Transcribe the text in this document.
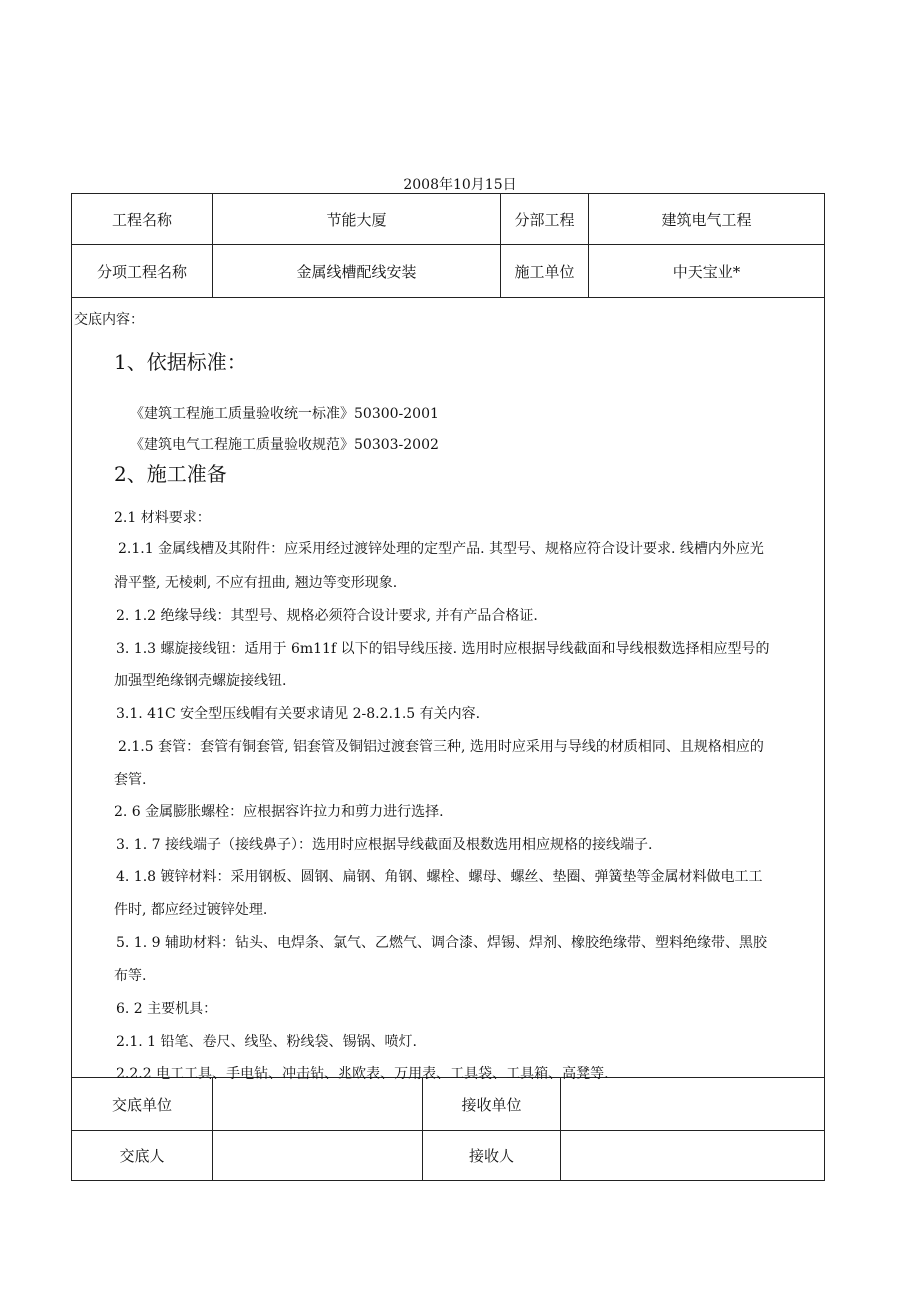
2008年10月15日
工程名称	节能大厦	分部工程	建筑电气工程
分项工程名称	金属线槽配线安装	施工单位	中天宝业*

交底内容：

1、依据标准：

《建筑工程施工质量验收统一标准》50300-2001

《建筑电气工程施工质量验收规范》50303-2002

2、施工准备

2.1 材料要求：

2.1.1 金属线槽及其附件：应采用经过渡锌处理的定型产品. 其型号、规格应符合设计要求. 线槽内外应光

滑平整, 无棱刺, 不应有扭曲, 翘边等变形现象.

2. 1.2 绝缘导线：其型号、规格必须符合设计要求, 并有产品合格证.

3. 1.3 螺旋接线钮：适用于 6m11f 以下的铝导线压接. 选用时应根据导线截面和导线根数选择相应型号的

加强型绝缘钢壳螺旋接线钮.

3.1. 41C 安全型压线帽有关要求请见 2-8.2.1.5 有关内容.

2.1.5 套管：套管有铜套管, 铝套管及铜铝过渡套管三种, 选用时应采用与导线的材质相同、且规格相应的

套管.

2. 6 金属膨胀螺栓：应根据容许拉力和剪力进行选择.

3. 1. 7 接线端子（接线鼻子）：选用时应根据导线截面及根数选用相应规格的接线端子.

4. 1.8 镀锌材料：采用钢板、圆钢、扁钢、角钢、螺栓、螺母、螺丝、垫圈、弹簧垫等金属材料做电工工

件时, 都应经过镀锌处理.

5. 1. 9 辅助材料：钻头、电焊条、氯气、乙燃气、调合漆、焊锡、焊剂、橡胶绝缘带、塑料绝缘带、黑胶

布等.

6. 2 主要机具：

2.1. 1 铅笔、卷尺、线坠、粉线袋、锡锅、喷灯.

2.2.2 电工工具、手电钻、冲击钻、兆欧表、万用表、工具袋、工具箱、高凳等.

交底单位	接收单位
交底人	接收人
